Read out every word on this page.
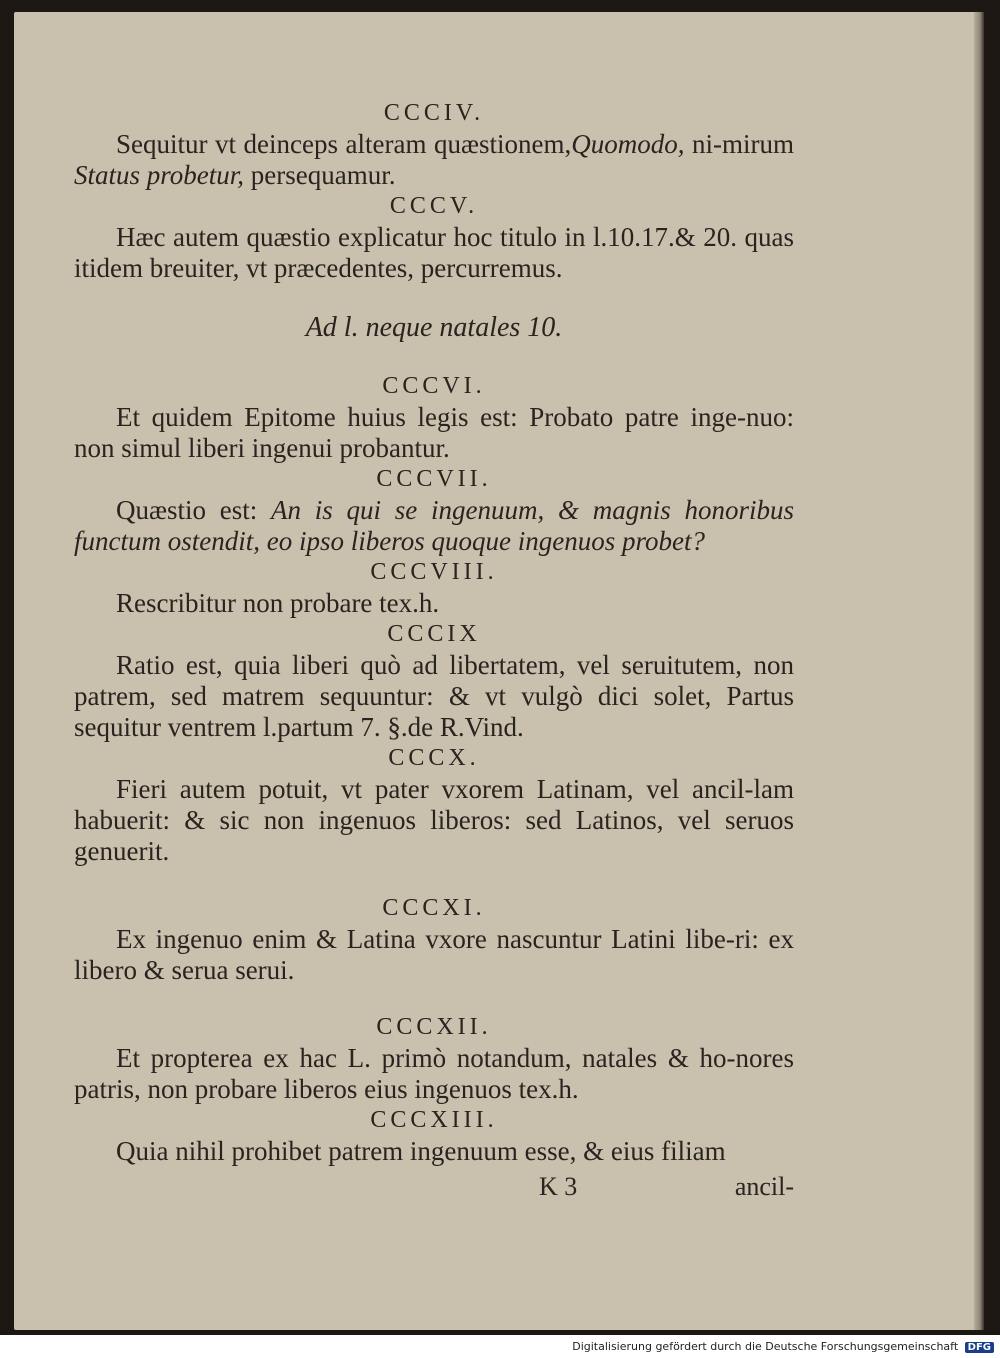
CCCIV.

Sequitur vt deinceps alteram quæstionem,Quomodo, ni-mirum Status probetur, persequamur.

CCCV.

Hæc autem quæstio explicatur hoc titulo in l.10.17.& 20. quas itidem breuiter, vt præcedentes, percurremus.

Ad l. neque natales 10.

CCCVI.

Et quidem Epitome huius legis est: Probato patre inge-nuo: non simul liberi ingenui probantur.

CCCVII.

Quæstio est: An is qui se ingenuum, & magnis honoribus functum ostendit, eo ipso liberos quoque ingenuos probet?

CCCVIII.

Rescribitur non probare tex.h.

CCCIX

Ratio est, quia liberi quò ad libertatem, vel seruitutem, non patrem, sed matrem sequuntur: & vt vulgò dici solet, Partus sequitur ventrem l.partum 7. §.de R.Vind.

CCCX.

Fieri autem potuit, vt pater vxorem Latinam, vel ancil-lam habuerit: & sic non ingenuos liberos: sed Latinos, vel seruos genuerit.

CCCXI.

Ex ingenuo enim & Latina vxore nascuntur Latini libe-ri: ex libero & serua serui.

CCCXII.

Et propterea ex hac L. primò notandum, natales & ho-nores patris, non probare liberos eius ingenuos tex.h.

CCCXIII.

Quia nihil prohibet patrem ingenuum esse, & eius filiam

K 3	ancil-
Digitalisierung gefördert durch die Deutsche Forschungsgemeinschaft DFG
